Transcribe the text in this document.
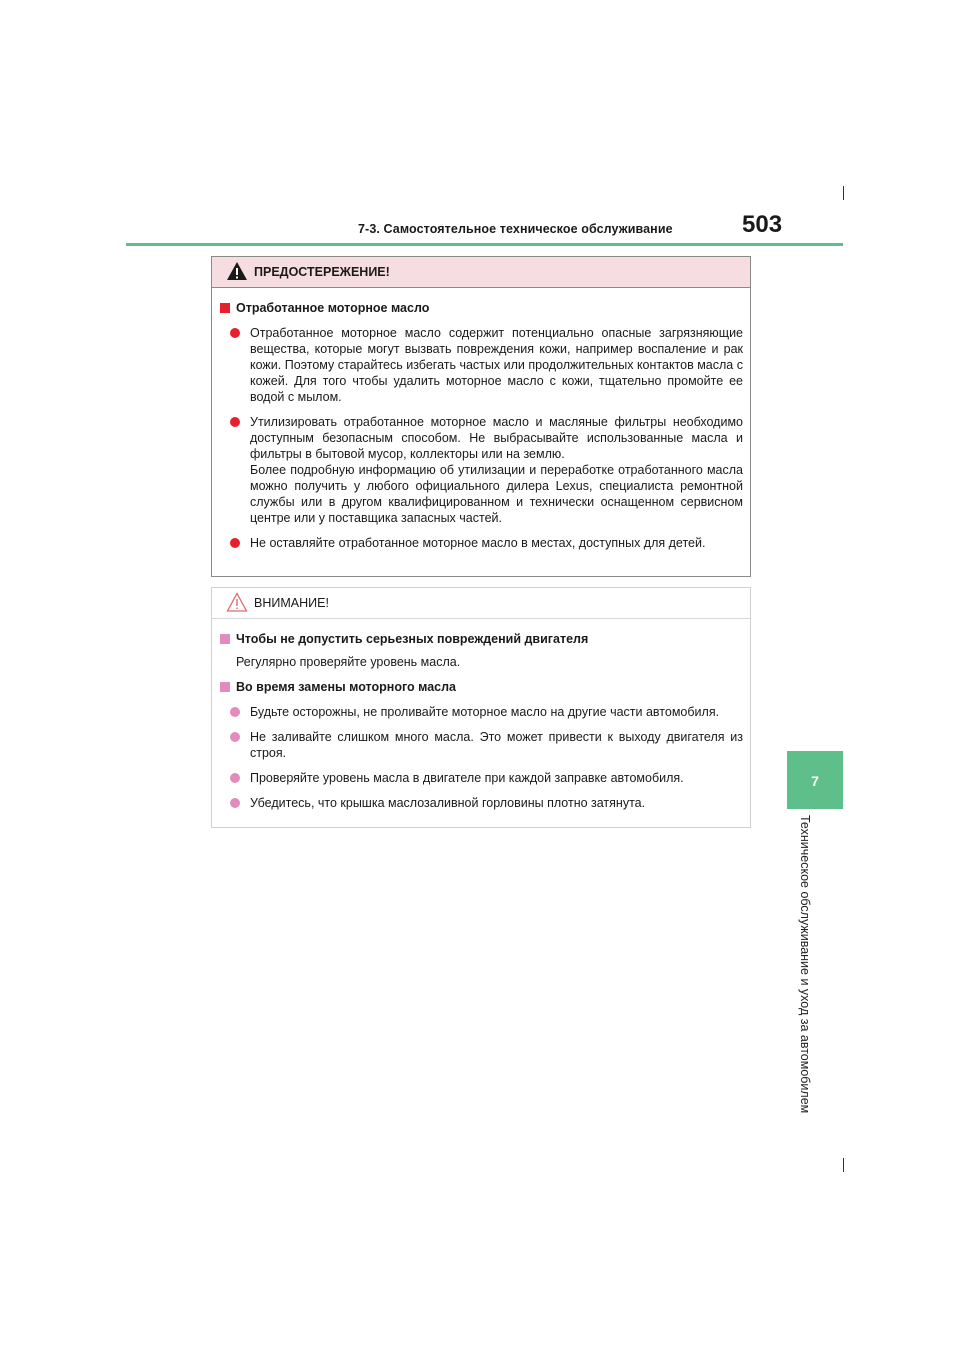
7-3. Самостоятельное техническое обслуживание	503
7
Техническое обслуживание и уход за автомобилем
ПРЕДОСТЕРЕЖЕНИЕ!
Отработанное моторное масло

Отработанное моторное масло содержит потенциально опасные загрязняющие вещества, которые могут вызвать повреждения кожи, например воспаление и рак кожи. Поэтому старайтесь избегать частых или продолжительных контактов масла с кожей. Для того чтобы удалить моторное масло с кожи, тщательно промойте ее водой с мылом.

Утилизировать отработанное моторное масло и масляные фильтры необходимо доступным безопасным способом. Не выбрасывайте использованные масла и фильтры в бытовой мусор, коллекторы или на землю.

Более подробную информацию об утилизации и переработке отработанного масла можно получить у любого официального дилера Lexus, специалиста ремонтной службы или в другом квалифицированном и технически оснащенном сервисном центре или у поставщика запасных частей.

Не оставляйте отработанное моторное масло в местах, доступных для детей.

ВНИМАНИЕ!
Чтобы не допустить серьезных повреждений двигателя
Регулярно проверяйте уровень масла.
Во время замены моторного масла

Будьте осторожны, не проливайте моторное масло на другие части автомобиля.

Не заливайте слишком много масла. Это может привести к выходу двигателя из строя.

Проверяйте уровень масла в двигателе при каждой заправке автомобиля.

Убедитесь, что крышка маслозаливной горловины плотно затянута.
